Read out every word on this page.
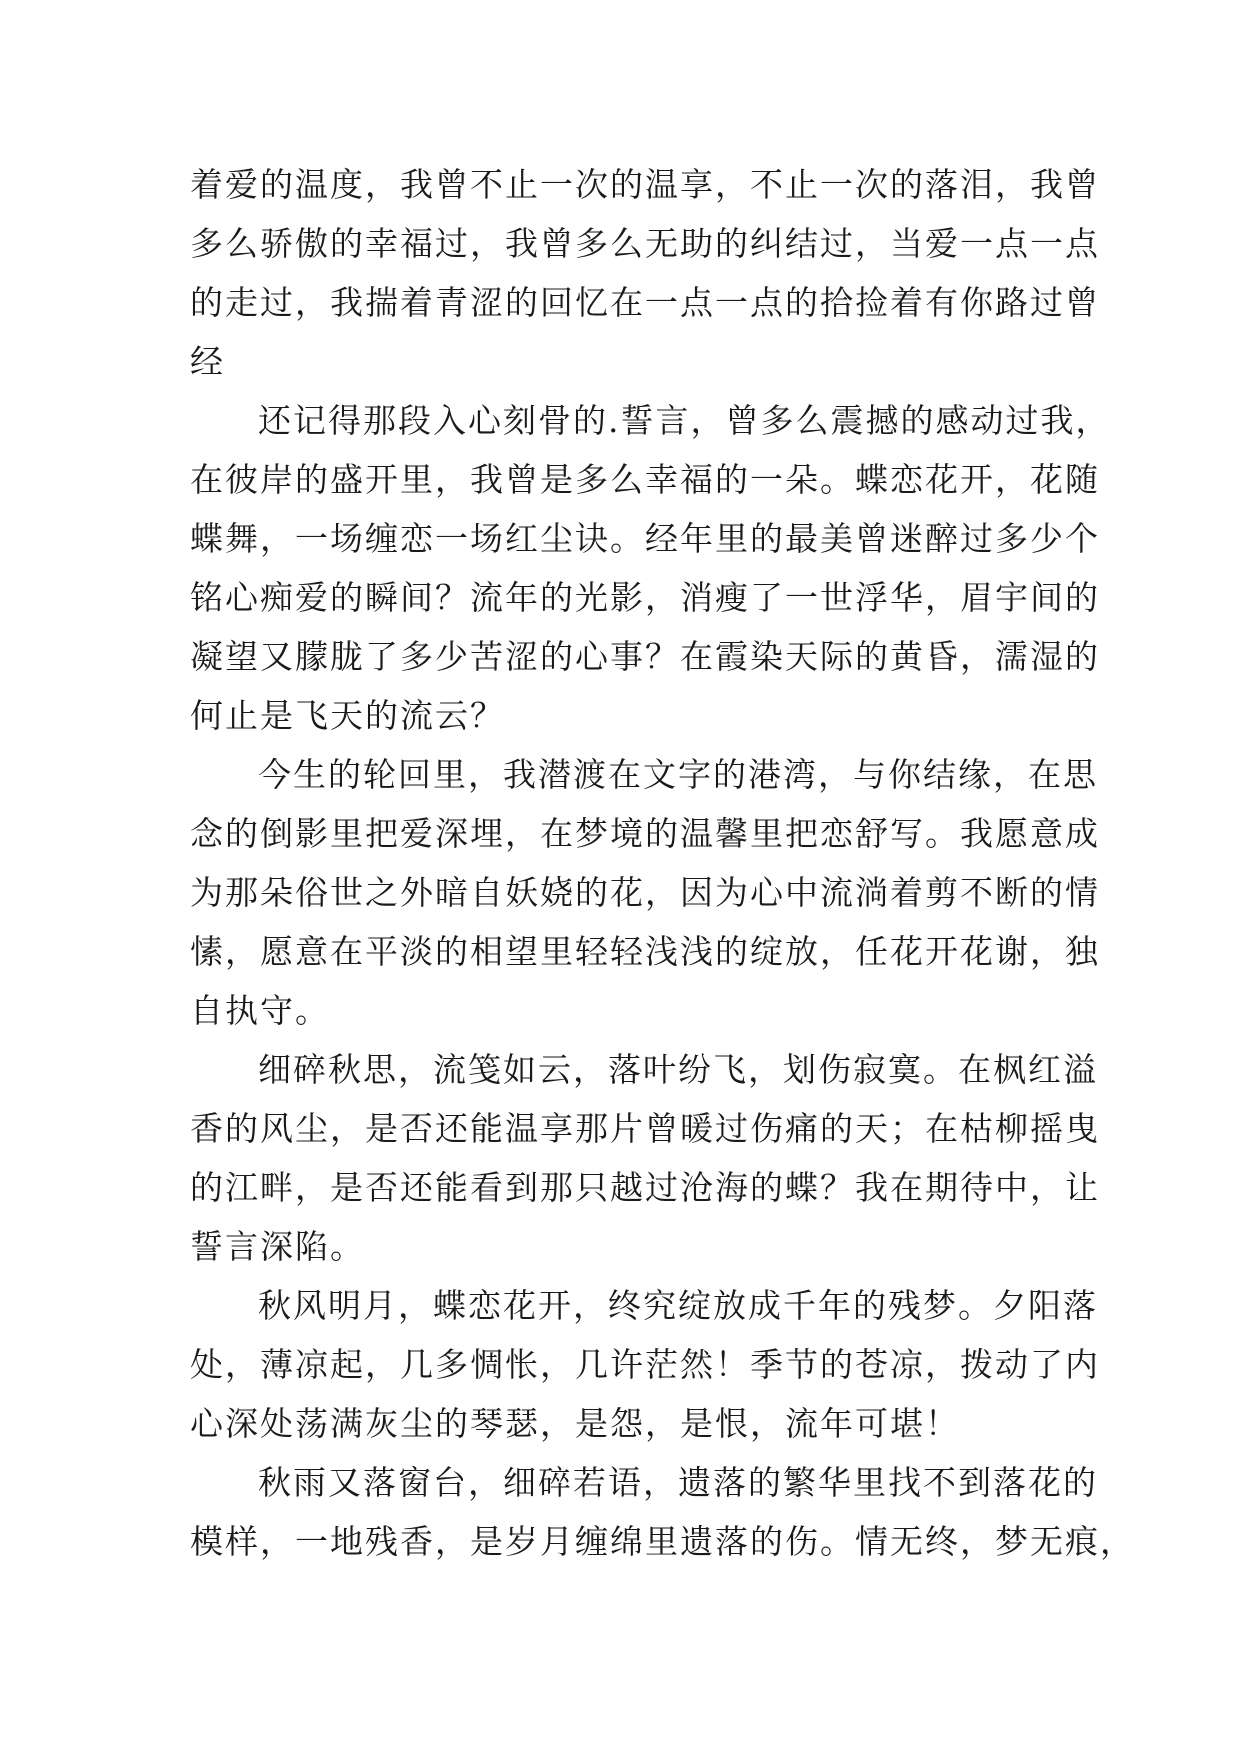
着爱的温度，我曾不止一次的温享，不止一次的落泪，我曾
多么骄傲的幸福过，我曾多么无助的纠结过，当爱一点一点
的走过，我揣着青涩的回忆在一点一点的拾捡着有你路过曾
经
还记得那段入心刻骨的.誓言，曾多么震撼的感动过我，
在彼岸的盛开里，我曾是多么幸福的一朵。蝶恋花开，花随
蝶舞，一场缠恋一场红尘诀。经年里的最美曾迷醉过多少个
铭心痴爱的瞬间？流年的光影，消瘦了一世浮华，眉宇间的
凝望又朦胧了多少苦涩的心事？在霞染天际的黄昏，濡湿的
何止是飞天的流云？
今生的轮回里，我潜渡在文字的港湾，与你结缘，在思
念的倒影里把爱深埋，在梦境的温馨里把恋舒写。我愿意成
为那朵俗世之外暗自妖娆的花，因为心中流淌着剪不断的情
愫，愿意在平淡的相望里轻轻浅浅的绽放，任花开花谢，独
自执守。
细碎秋思，流笺如云，落叶纷飞，划伤寂寞。在枫红溢
香的风尘，是否还能温享那片曾暖过伤痛的天；在枯柳摇曳
的江畔，是否还能看到那只越过沧海的蝶？我在期待中，让
誓言深陷。
秋风明月，蝶恋花开，终究绽放成千年的残梦。夕阳落
处，薄凉起，几多惆怅，几许茫然！季节的苍凉，拨动了内
心深处荡满灰尘的琴瑟，是怨，是恨，流年可堪！
秋雨又落窗台，细碎若语，遗落的繁华里找不到落花的
模样，一地残香，是岁月缠绵里遗落的伤。情无终，梦无痕，
